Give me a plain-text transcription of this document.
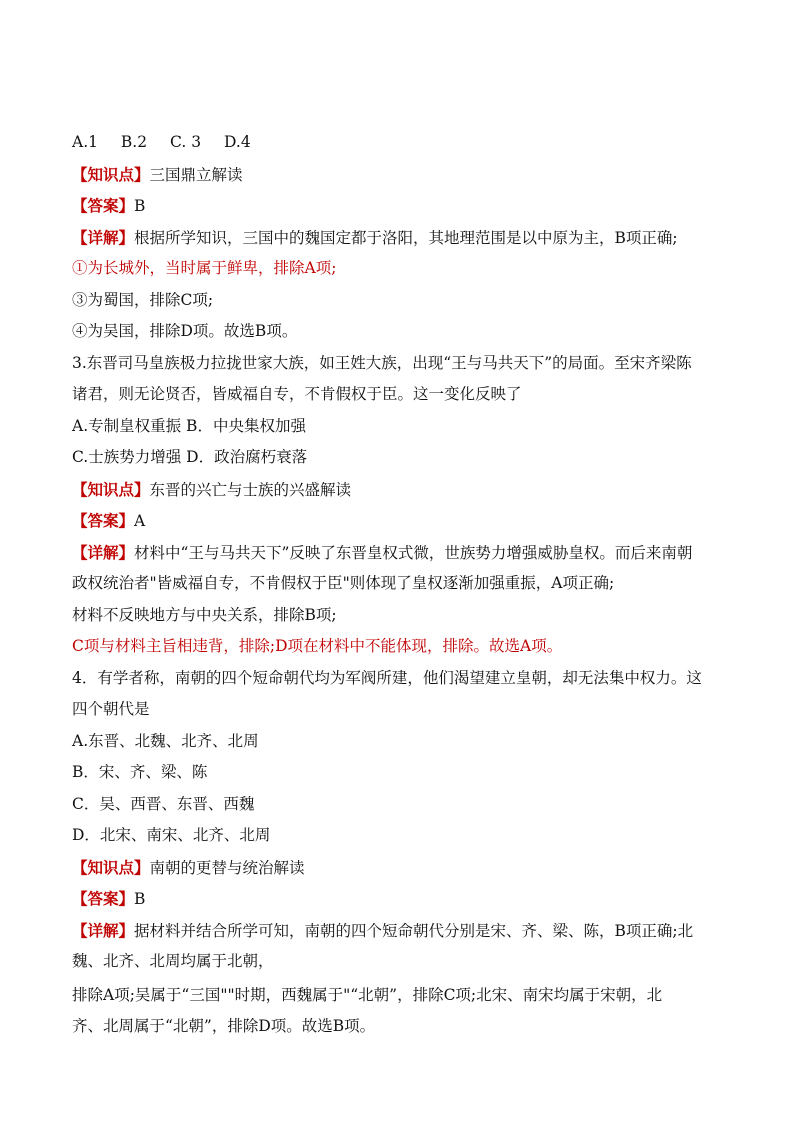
A.1 B.2 C. 3 D.4
【知识点】三国鼎立解读
【答案】B
【详解】根据所学知识，三国中的魏国定都于洛阳，其地理范围是以中原为主，B项正确;
①为长城外，当时属于鲜卑，排除A项;
③为蜀国，排除C项;
④为吴国，排除D项。故选B项。
3.东晋司马皇族极力拉拢世家大族，如王姓大族，出现“王与马共天下”的局面。至宋齐梁陈
诸君，则无论贤否，皆威福自专，不肯假权于臣。这一变化反映了
A.专制皇权重振 B．中央集权加强
C.士族势力增强 D．政治腐朽衰落
【知识点】东晋的兴亡与士族的兴盛解读
【答案】A
【详解】材料中“王与马共天下”反映了东晋皇权式微，世族势力增强威胁皇权。而后来南朝
政权统治者"皆威福自专，不肯假权于臣"则体现了皇权逐渐加强重振，A项正确;
材料不反映地方与中央关系，排除B项;
C项与材料主旨相违背，排除;D项在材料中不能体现，排除。故选A项。
4．有学者称，南朝的四个短命朝代均为军阀所建，他们渴望建立皇朝，却无法集中权力。这
四个朝代是
A.东晋、北魏、北齐、北周
B．宋、齐、梁、陈
C．吴、西晋、东晋、西魏
D．北宋、南宋、北齐、北周
【知识点】南朝的更替与统治解读
【答案】B
【详解】据材料并结合所学可知，南朝的四个短命朝代分别是宋、齐、梁、陈，B项正确;北
魏、北齐、北周均属于北朝，
排除A项;吴属于“三国""时期，西魏属于"“北朝”，排除C项;北宋、南宋均属于宋朝，北
齐、北周属于“北朝”，排除D项。故选B项。
